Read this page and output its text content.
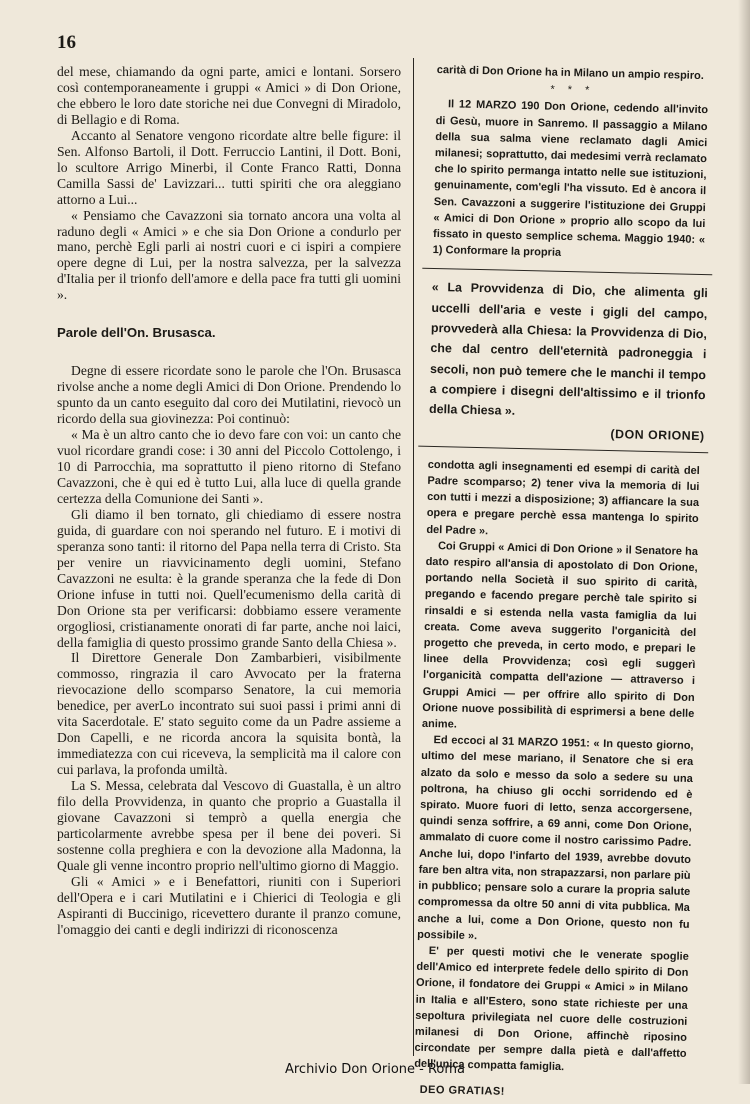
16

del mese, chiamando da ogni parte, amici e lontani. Sorsero così contemporaneamente i gruppi « Amici » di Don Orione, che ebbero le loro date storiche nei due Convegni di Miradolo, di Bellagio e di Roma.

Accanto al Senatore vengono ricordate altre belle figure: il Sen. Alfonso Bartoli, il Dott. Ferruccio Lantini, il Dott. Boni, lo scultore Arrigo Minerbi, il Conte Franco Ratti, Donna Camilla Sassi de' Lavizzari... tutti spiriti che ora aleggiano attorno a Lui...

« Pensiamo che Cavazzoni sia tornato ancora una volta al raduno degli « Amici » e che sia Don Orione a condurlo per mano, perchè Egli parli ai nostri cuori e ci ispiri a compiere opere degne di Lui, per la nostra salvezza, per la salvezza d'Italia per il trionfo dell'amore e della pace fra tutti gli uomini ».

Parole dell'On. Brusasca.

Degne di essere ricordate sono le parole che l'On. Brusasca rivolse anche a nome degli Amici di Don Orione. Prendendo lo spunto da un canto eseguito dal coro dei Mutilatini, rievocò un ricordo della sua giovinezza: Poi continuò:

« Ma è un altro canto che io devo fare con voi: un canto che vuol ricordare grandi cose: i 30 anni del Piccolo Cottolengo, i 10 di Parrocchia, ma soprattutto il pieno ritorno di Stefano Cavazzoni, che è qui ed è tutto Lui, alla luce di quella grande certezza della Comunione dei Santi ».

Gli diamo il ben tornato, gli chiediamo di essere nostra guida, di guardare con noi sperando nel futuro. E i motivi di speranza sono tanti: il ritorno del Papa nella terra di Cristo. Sta per venire un riavvicinamento degli uomini, Stefano Cavazzoni ne esulta: è la grande speranza che la fede di Don Orione infuse in tutti noi. Quell'ecumenismo della carità di Don Orione sta per verificarsi: dobbiamo essere veramente orgogliosi, cristianamente onorati di far parte, anche noi laici, della famiglia di questo prossimo grande Santo della Chiesa ».

Il Direttore Generale Don Zambarbieri, visibilmente commosso, ringrazia il caro Avvocato per la fraterna rievocazione dello scomparso Senatore, la cui memoria benedice, per averLo incontrato sui suoi passi i primi anni di vita Sacerdotale. E' stato seguito come da un Padre assieme a Don Capelli, e ne ricorda ancora la squisita bontà, la immediatezza con cui riceveva, la semplicità ma il calore con cui parlava, la profonda umiltà.

La S. Messa, celebrata dal Vescovo di Guastalla, è un altro filo della Provvidenza, in quanto che proprio a Guastalla il giovane Cavazzoni si temprò a quella energia che particolarmente avrebbe spesa per il bene dei poveri. Si sostenne colla preghiera e con la devozione alla Madonna, la Quale gli venne incontro proprio nell'ultimo giorno di Maggio.

Gli « Amici » e i Benefattori, riuniti con i Superiori dell'Opera e i cari Mutilatini e i Chierici di Teologia e gli Aspiranti di Buccinigo, ricevettero durante il pranzo comune, l'omaggio dei canti e degli indirizzi di riconoscenza

carità di Don Orione ha in Milano un ampio respiro.

* * *

Il 12 MARZO 190 Don Orione, cedendo all'invito di Gesù, muore in Sanremo. Il passaggio a Milano della sua salma viene reclamato dagli Amici milanesi; soprattutto, dai medesimi verrà reclamato che lo spirito permanga intatto nelle sue istituzioni, genuinamente, com'egli l'ha vissuto. Ed è ancora il Sen. Cavazzoni a suggerire l'istituzione dei Gruppi « Amici di Don Orione » proprio allo scopo da lui fissato in questo semplice schema. Maggio 1940: « 1) Conformare la propria

« La Provvidenza di Dio, che alimenta gli uccelli dell'aria e veste i gigli del campo, provvederà alla Chiesa: la Provvidenza di Dio, che dal centro dell'eternità padroneggia i secoli, non può temere che le manchi il tempo a compiere i disegni dell'altissimo e il trionfo della Chiesa ».
(DON ORIONE)

condotta agli insegnamenti ed esempi di carità del Padre scomparso; 2) tener viva la memoria di lui con tutti i mezzi a disposizione; 3) affiancare la sua opera e pregare perchè essa mantenga lo spirito del Padre ».

Coi Gruppi « Amici di Don Orione » il Senatore ha dato respiro all'ansia di apostolato di Don Orione, portando nella Società il suo spirito di carità, pregando e facendo pregare perchè tale spirito si rinsaldi e si estenda nella vasta famiglia da lui creata. Come aveva suggerito l'organicità del progetto che preveda, in certo modo, e prepari le linee della Provvidenza; così egli suggerì l'organicità compatta dell'azione — attraverso i Gruppi Amici — per offrire allo spirito di Don Orione nuove possibilità di esprimersi a bene delle anime.

Ed eccoci al 31 MARZO 1951: « In questo giorno, ultimo del mese mariano, il Senatore che si era alzato da solo e messo da solo a sedere su una poltrona, ha chiuso gli occhi sorridendo ed è spirato. Muore fuori di letto, senza accorgersene, quindi senza soffrire, a 69 anni, come Don Orione, ammalato di cuore come il nostro carissimo Padre. Anche lui, dopo l'infarto del 1939, avrebbe dovuto fare ben altra vita, non strapazzarsi, non parlare più in pubblico; pensare solo a curare la propria salute compromessa da oltre 50 anni di vita pubblica. Ma anche a lui, come a Don Orione, questo non fu possibile ».

E' per questi motivi che le venerate spoglie dell'Amico ed interprete fedele dello spirito di Don Orione, il fondatore dei Gruppi « Amici » in Milano in Italia e all'Estero, sono state richieste per una sepoltura privilegiata nel cuore delle costruzioni milanesi di Don Orione, affinchè riposino circondate per sempre dalla pietà e dall'affetto dell'unica compatta famiglia.

DEO GRATIAS!
Archivio Don Orione - Roma
